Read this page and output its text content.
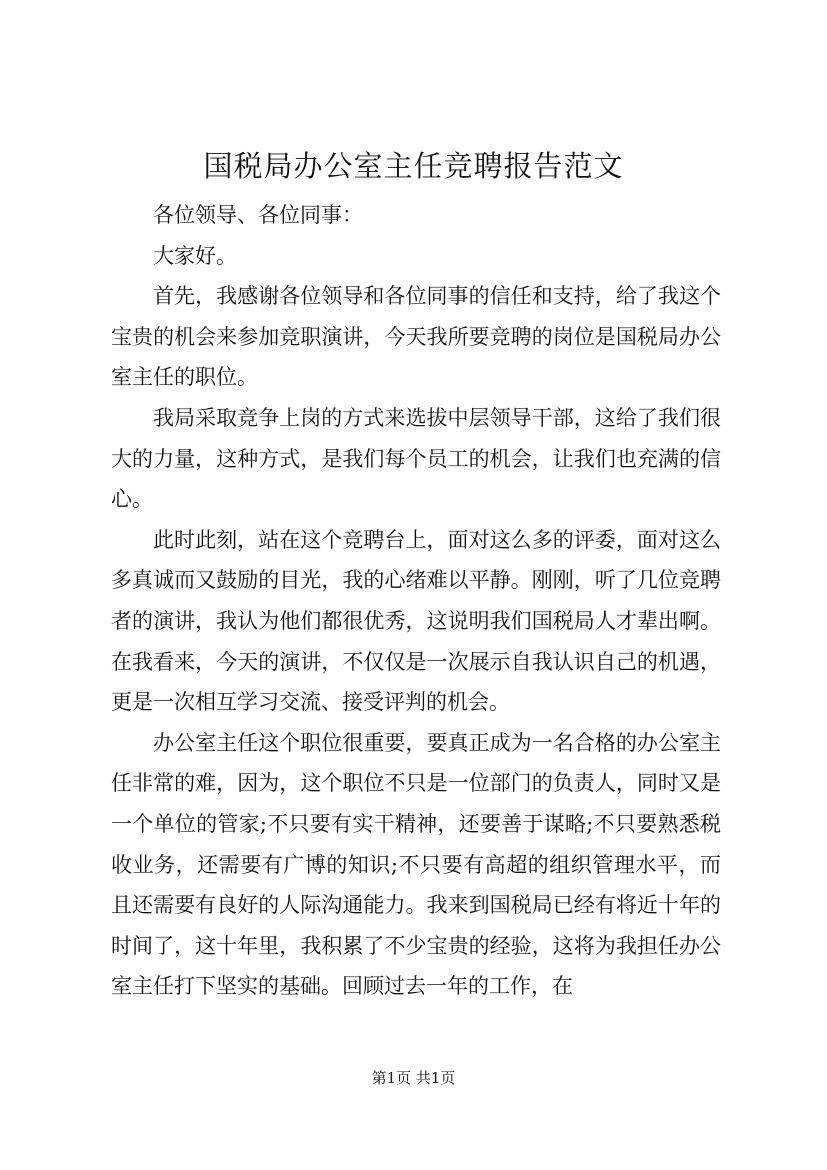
国税局办公室主任竞聘报告范文

各位领导、各位同事：

大家好。

首先，我感谢各位领导和各位同事的信任和支持，给了我这个宝贵的机会来参加竞职演讲，今天我所要竞聘的岗位是国税局办公室主任的职位。

我局采取竞争上岗的方式来选拔中层领导干部，这给了我们很大的力量，这种方式，是我们每个员工的机会，让我们也充满的信心。

此时此刻，站在这个竞聘台上，面对这么多的评委，面对这么多真诚而又鼓励的目光，我的心绪难以平静。刚刚，听了几位竞聘者的演讲，我认为他们都很优秀，这说明我们国税局人才辈出啊。在我看来，今天的演讲，不仅仅是一次展示自我认识自己的机遇，更是一次相互学习交流、接受评判的机会。

办公室主任这个职位很重要，要真正成为一名合格的办公室主任非常的难，因为，这个职位不只是一位部门的负责人，同时又是一个单位的管家;不只要有实干精神，还要善于谋略;不只要熟悉税收业务，还需要有广博的知识;不只要有高超的组织管理水平，而且还需要有良好的人际沟通能力。我来到国税局已经有将近十年的时间了，这十年里，我积累了不少宝贵的经验，这将为我担任办公室主任打下坚实的基础。回顾过去一年的工作，在

第1页 共1页
